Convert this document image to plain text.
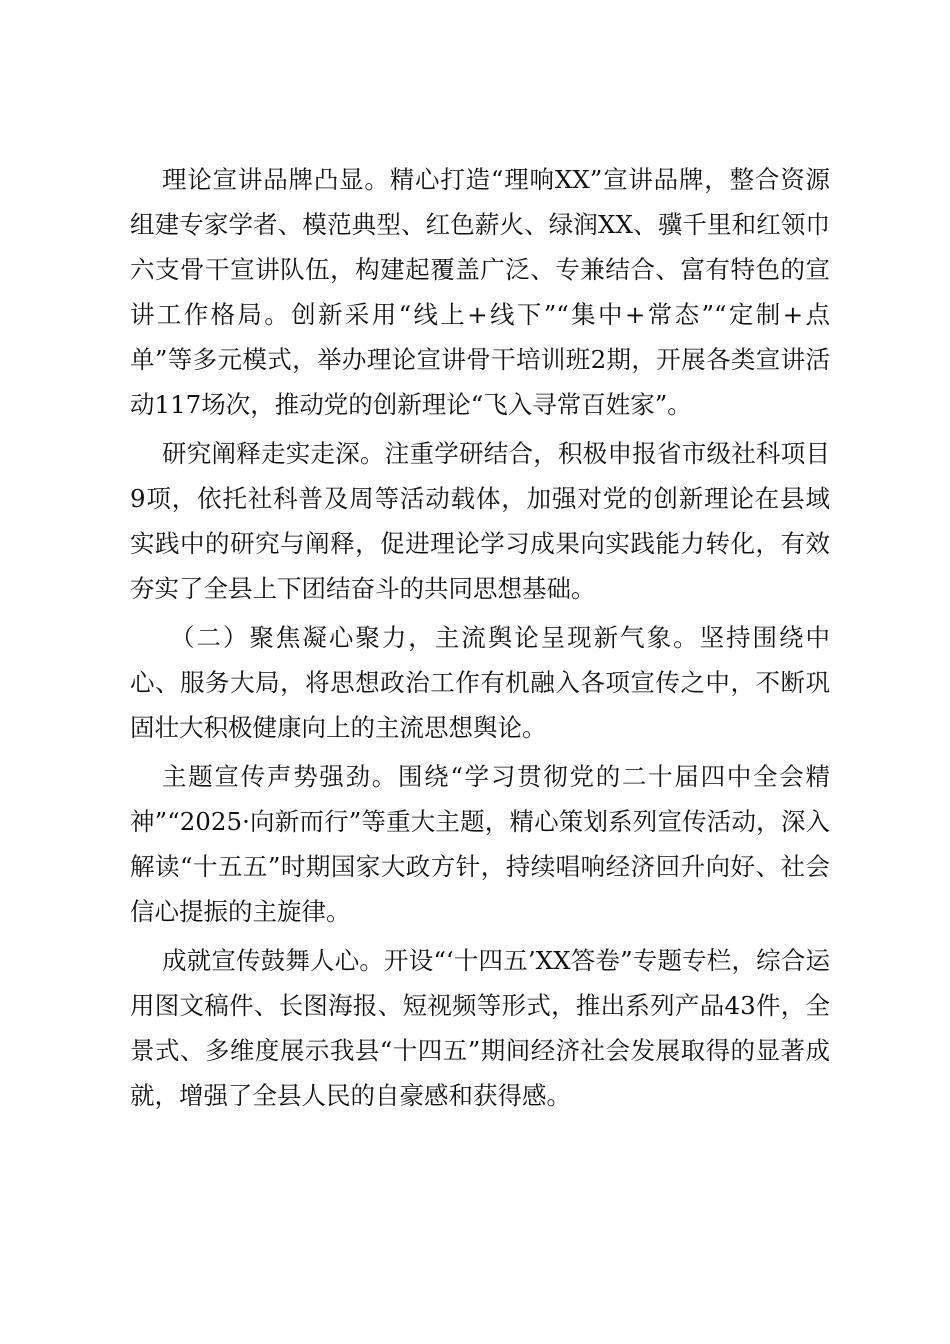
理论宣讲品牌凸显。精心打造“理响XX”宣讲品牌，整合资源组建专家学者、模范典型、红色薪火、绿润XX、骥千里和红领巾六支骨干宣讲队伍，构建起覆盖广泛、专兼结合、富有特色的宣讲工作格局。创新采用“线上+线下”“集中+常态”“定制+点单”等多元模式，举办理论宣讲骨干培训班2期，开展各类宣讲活动117场次，推动党的创新理论“飞入寻常百姓家”。

研究阐释走实走深。注重学研结合，积极申报省市级社科项目9项，依托社科普及周等活动载体，加强对党的创新理论在县域实践中的研究与阐释，促进理论学习成果向实践能力转化，有效夯实了全县上下团结奋斗的共同思想基础。

（二）聚焦凝心聚力，主流舆论呈现新气象。坚持围绕中心、服务大局，将思想政治工作有机融入各项宣传之中，不断巩固壮大积极健康向上的主流思想舆论。

主题宣传声势强劲。围绕“学习贯彻党的二十届四中全会精神”“2025·向新而行”等重大主题，精心策划系列宣传活动，深入解读“十五五”时期国家大政方针，持续唱响经济回升向好、社会信心提振的主旋律。

成就宣传鼓舞人心。开设“‘十四五’XX答卷”专题专栏，综合运用图文稿件、长图海报、短视频等形式，推出系列产品43件，全景式、多维度展示我县“十四五”期间经济社会发展取得的显著成就，增强了全县人民的自豪感和获得感。
